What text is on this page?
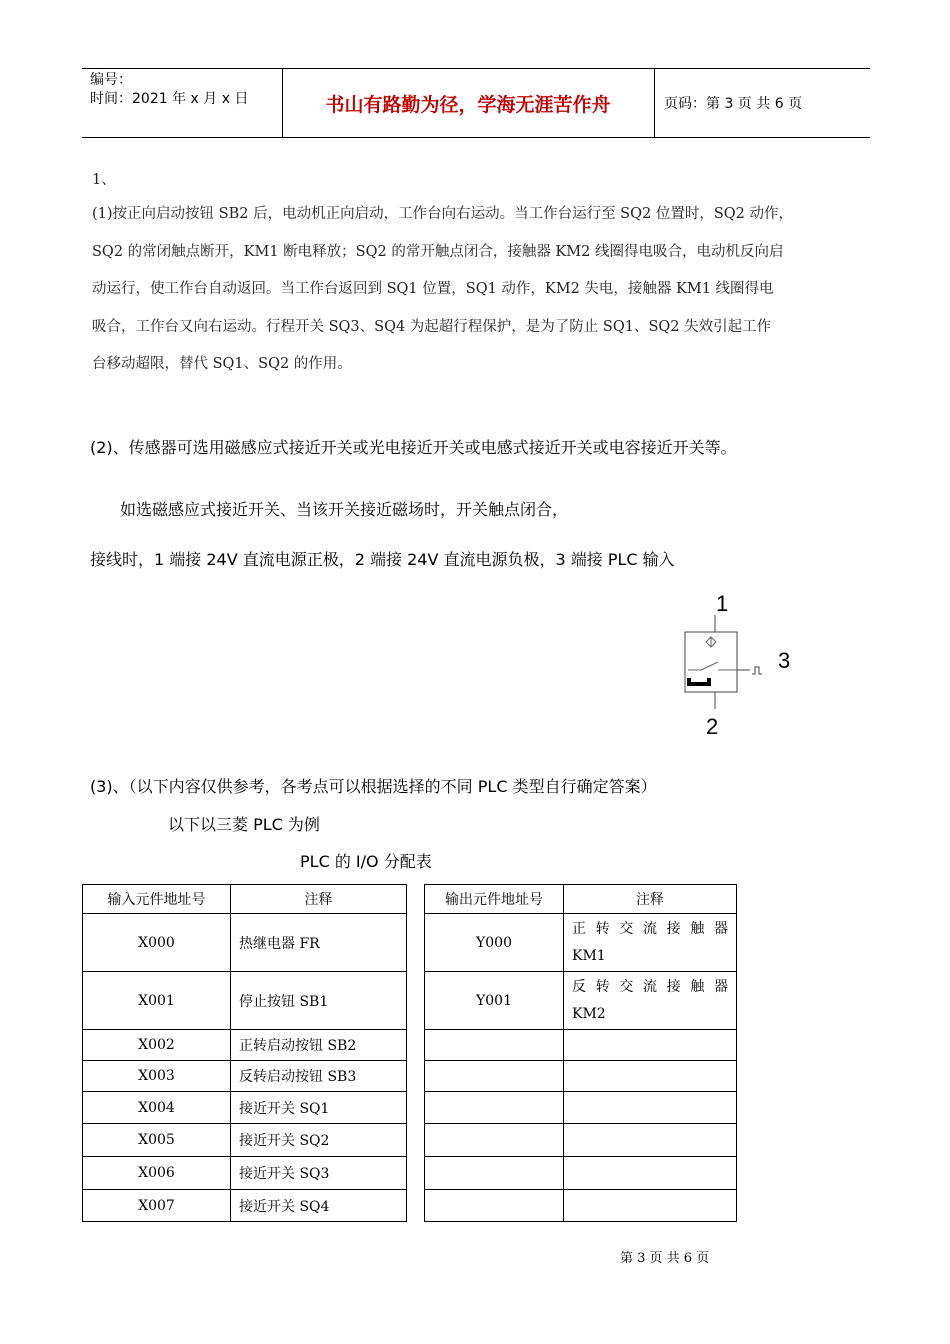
编号：
时间：2021 年 x 月 x 日	书山有路勤为径，学海无涯苦作舟	页码：第 3 页 共 6 页
1、
(1)按正向启动按钮 SB2 后，电动机正向启动，工作台向右运动。当工作台运行至 SQ2 位置时，SQ2 动作，
SQ2 的常闭触点断开，KM1 断电释放；SQ2 的常开触点闭合，接触器 KM2 线圈得电吸合，电动机反向启
动运行，使工作台自动返回。当工作台返回到 SQ1 位置，SQ1 动作，KM2 失电，接触器 KM1 线圈得电
吸合，工作台又向右运动。行程开关 SQ3、SQ4 为起超行程保护，是为了防止 SQ1、SQ2 失效引起工作
台移动超限，替代 SQ1、SQ2 的作用。
(2)、传感器可选用磁感应式接近开关或光电接近开关或电感式接近开关或电容接近开关等。
如选磁感应式接近开关、当该开关接近磁场时，开关触点闭合，
接线时，1 端接 24V 直流电源正极，2 端接 24V 直流电源负极，3 端接 PLC 输入
1
3
2
(3)、（以下内容仅供参考，各考点可以根据选择的不同 PLC 类型自行确定答案）
以下以三菱 PLC 为例
PLC 的 I/O 分配表
输入元件地址号	注释		输出元件地址号	注释
X000	热继电器 FR		Y000	正转交流接触器
KM1

X001	停止按钮 SB1		Y001	反转交流接触器
KM2

X002	正转启动按钮 SB2			
X003	反转启动按钮 SB3			
X004	接近开关 SQ1			
X005	接近开关 SQ2			
X006	接近开关 SQ3			
X007	接近开关 SQ4			
第 3 页 共 6 页
